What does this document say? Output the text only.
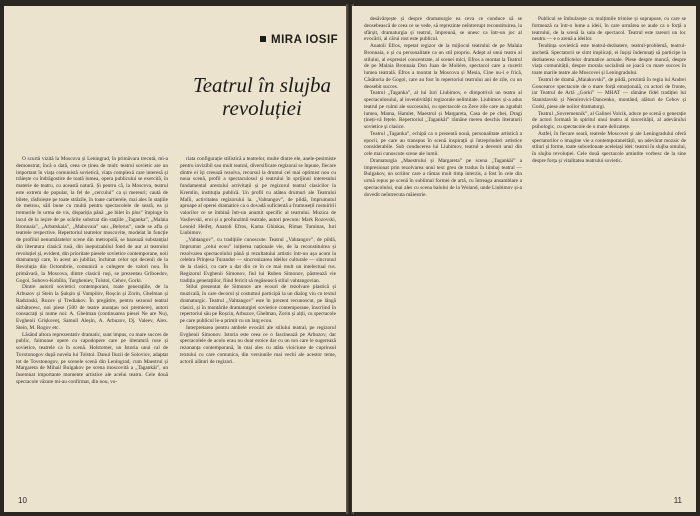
MIRA IOSIF
Teatrul în slujba revoluției

O scurtă vizită la Moscova și Leningrad, în primăvara trecută, mi-a demonstrat, încă o dată, ceea ce ținea de mult: teatrul sovietic are un important în viața comunistă sovietică, viața complexă care interesă și trăiește cu îndrăgostire de toată lumea, opera publicului se exercită, în materie de teatru, cu această natură. Și pentru că, la Moscova, teatrul este extrem de popular, la fel de „cercului” ca și mereuri; caută de bilete, răsfoiește pe toate străzile, în toate cartierele, mai ales în stațiile de metrou, săli bune cu multă pentru spectacolele de seară, ea și tremurile în urma de vis, dispariția până „pe bilet în plus” împinge în lacul de la ieșire de pe scările substrat din stațiile „Taganka”, „Malaia Bronnaia”, „Arbatskaia”, „Mahovaia” sau „Belorus”, unde se afla și teatrele respective. Repertoriul teatrelor moscovite, modelat în funcție de profilul nenumăratelor scene din metropolă, se bazează substanțial din literatura clasică rusă, din inepuizabilul fond de aur al teatrului revoluției și, evident, din prioritate piesele sovietice contemporane, noii dramaturgi care, în acest an jubiliar, închinat celor opt decenii de la Revoluția din Octombrie, comunică o culegere de valori nou. În primăvară, la Moscova, dintre clasicii ruși, se prezentau Griboedov, Gogol, Suhovo-Kobîlin, Turgheniev, Tolstoi, Cehov, Gorki.

Dintre autorii sovietici contemporani, toate generațiile, de la Arbuzov și Stein la Șukșin și Vampilov, Roșcin și Zorin, Ghelman și Radzinski, Rozov și Trediakov. În pregătire, pentru sezonul teatral sărbătoresc, noi piese (500 de teatre anunțau noi premiere), autori consacrați și nume noi: A. Ghelman (continuarea piesei Ne are Nu), Evghenii Grișkoveț, Samuil Aleșin, A. Arbuzov, Dj. Valeev, Alex. Stein, M. Rogov etc.

Lăsând altora reprezentativ dramatic, sunt impus, cu mare succes de public, faimoase opere cu capodopere care pe literatură ruse și sovietice, teatrele ca în scenă. Holstomer, un Istoria unui cal de Tovstonogov după nuvela lui Tolstoi. Danul Iluzii de Soloviov, adaptat tot de Tovstonogov, pe scenele scenă din Leningrad, cum Maestrul și Margareta de Mihail Bulgakov pe scena moscovită a „Tagankăi”, un însemnat importante momente artistice ale acelui teatru. Cele două spectacole văzute mi-au confirmat, din nou, vo-

riata configurație stilistică a teatrelor, multe dintre ele, anele-pesimiste pentru invizibil sau mult teatral, diversificare regizoral se înpune, fiecare dintre ei își creează rezolva, recursul la drumul cel mai optimist nou cu noua scenă, profil a spectaculosul și teatrului în sprijinul interesului fundamental arestului activitații și pe regizorul teatral clasicilor la Kremlin, instituția publică. Un profil cu atâtea drumuri ale Teatrului Malîi, activitatea regizorului la. „Vahtangov”, de pildă, împrumutul aproape al operei dramatice ca o dovadă suficientă a frumuseții rostuiririi valorilor ce se îmbină într-un anumit specific al teatrului. Muzica de Vasilevski, eroi și a profunzimii teatrale, autori precum: Mark Rozovski, Leonid Heifeț, Anatoli Efros, Kama Ghinkas, Rimas Tuminas, Iuri Liubimov.

„Vahtangov”, cu tradițiile cunoscute. Teatrul „Vahtangov”, de pildă, împrumut „celui ecou” inițierea naționale vie, de la reconstituirea și rezolvarea spectacolului până și rezultatului artistic într-un așa acum la celebra Prințesa Turandot — sincronizarea ideilor culturale — sincronul de la clasici, cu care a dat din ce în ce mai mult un intelectual rus. Regizorul Evghenii Simonov, fiul lui Ruben Simonov, păstrează vie tradiția generațiilor, fiind fericit să regăsească stilul vahtangovian.

Stilul prezentat de Simonov are ecouri de rezolvare plastică și muzicală, în care decorul și costumul participă la un dialog viu cu textul dramaturgic. Teatrul „Vahtangov” este în prezent recunoscut, pe lângă clasici, și în montările dramaturgiei sovietice contemporane, înscriind în repertoriul său pe Roșcin, Arbuzov, Ghelman, Zorin și alții, cu spectacole pe care publicul le-a primit cu un larg ecou.

Interpretarea pentru ambele evocări ale stilului teatral, pe regizorul Evghenii Simonov. Istoria este ceea ce o fascinează pe Arbuzov, dar spectacolele de acolo erau nu doar eroice dar cu un ton care le sugerează rezonanța contemporană, în mai ales cu atâta vioiciune de cuprinsul textului cu care comunica, din versiunile mai vechi ale acestor teme, actorii alături de regizori.

10

desăvârșește și despre dramaturgie ea ceva ce conduce să se deosebească de ceea ce se vede, să reprezinte neîntrerupt reconstituirea, la sfârșit, dramaturgia și teatrul, împreună, se unesc ca într-un joc al evocării, al cărui rost este publicul.

Anatoli Efros, repetat regizor de la mijlocul teatrului de pe Malaia Bronnaia, e și cu personalitate ca un stil propriu. Adept al unui teatru al stilului, al expresiei concentrate, al scenei mici, Efros a montat la Teatrul de pe Malaia Bronnaia Don Juan de Molière, spectacol care a cucerit lumea teatrală. Efros a montat la Moscova și Mesia, Cine nu-i e frică, Căsătoria de Gogol, care au fost în repertoriul teatrului ani de zile, cu un deosebit succes.

Teatrul „Taganka”, al lui Iuri Liubimov, e dimpotrivă un teatru al spectaculosului, al inventivității regizorale nelimitate. Liubimov și-a adus teatrul pe culmi ale succesului, cu spectacole ca Zece zile care au zguduit lumea, Mama, Hamlet, Maestrul și Margareta, Casa de pe chei, Dragi țineți-vă fețele. Repertoriul „Tagankăi” rămâne mereu deschis literaturii sovietice și clasice.

Teatrul „Taganka”, echipă ca o prezentă nouă, personalitate artistică a epocii, pe care au transpus în scenă inspirații și întreprinderi artistice considerabile. Sub conducerea lui Liubimov, teatrul a devenit unul din cele mai cunoscute scene ale lumii.

Dramaturgia „Maestrului și Margareta” pe scena „Tagankăi” a impresionat prin rezolvarea unui text greu de tradus în limbaj teatral — Bulgakov, un scriitor care a rămas mult timp interzis, a fost în cele din urmă repus pe scenă în sublimul formei de artă, cu întreaga ansamblare a spectacolului, mai ales cu scena balului de la Woland, unde Liubimov și-a dovedit neîntrecuta măiestrie.

Publicul se îmbulzește cu mulțimile trimise și suprapuse, cu care se formează ca într-o lume a ideii, în care urmărea se aude ca o forță a teatrului, de la scenă la sala de spectacol. Teatrul este rareori un loc neutru — e o arenă a ideilor.

Tendința sovietică este teatrul-dezbatere, teatrul-problemă, teatrul-anchetă. Spectatorii se simt implicați, ei înșiși îndemnați să participe la dezbaterea conflictelor dramatice actuale. Piese despre muncă, despre viața comunității, despre morala socialistă se joacă cu mare succes în toate marile teatre ale Moscovei și Leningradului.

Teatrul de dramă „Maiakovski”, de pildă, prezintă în regia lui Andrei Goncearov spectacole de o mare forță emoțională, cu actori de frunte, iar Teatrul de Artă „Gorki” — MHAT — rămâne fidel tradiției lui Stanislavski și Nemirovici-Dancenko, montând, alături de Cehov și Gorki, piese ale noilor dramaturgi.

Teatrul „Sovremennik”, al Galinei Volcik, aduce pe scenă o generație de actori formată în spiritul unui teatru al sincerității, al adevărului psihologic, cu spectacole de o mare delicatețe.

Astfel, în fiecare seară, teatrele Moscovei și ale Leningradului oferă spectatorilor o imagine vie a contemporaneității, un adevărat mozaic de stiluri și forme, toate subordonate aceleiași idei: teatrul în slujba omului, în slujba revoluției. Cele două spectacole amintite vorbesc de la sine despre forța și vitalitatea teatrului sovietic.

11
